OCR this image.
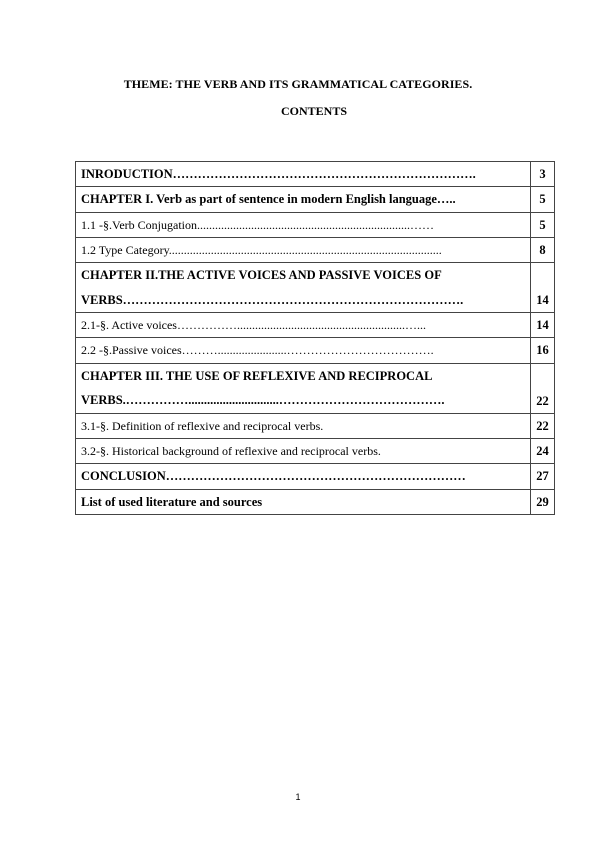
THEME: THE VERB AND ITS GRAMMATICAL CATEGORIES.
CONTENTS
INRODUCTION……………………………………………………………….	3
CHAPTER I. Verb as part of sentence in modern English language…..	5
1.1 -§.Verb Conjugation.......................................................................……	5
1.2 Type Category...........................................................................................	8
CHAPTER II.THE ACTIVE VOICES AND PASSIVE VOICES OF
VERBS……………………………………………………………………….	14
2.1-§. Active voices……………........................................................…...	14
2.2 -§.Passive voices……….......................……………………………….	16
CHAPTER III. THE USE OF REFLEXIVE AND RECIPROCAL
VERBS.…………….............................………………………………….	22
3.1-§. Definition of reflexive and reciprocal verbs.	22
3.2-§. Historical background of reflexive and reciprocal verbs.	24
CONCLUSION………………………………………………………………	27
List of used literature and sources	29
1
